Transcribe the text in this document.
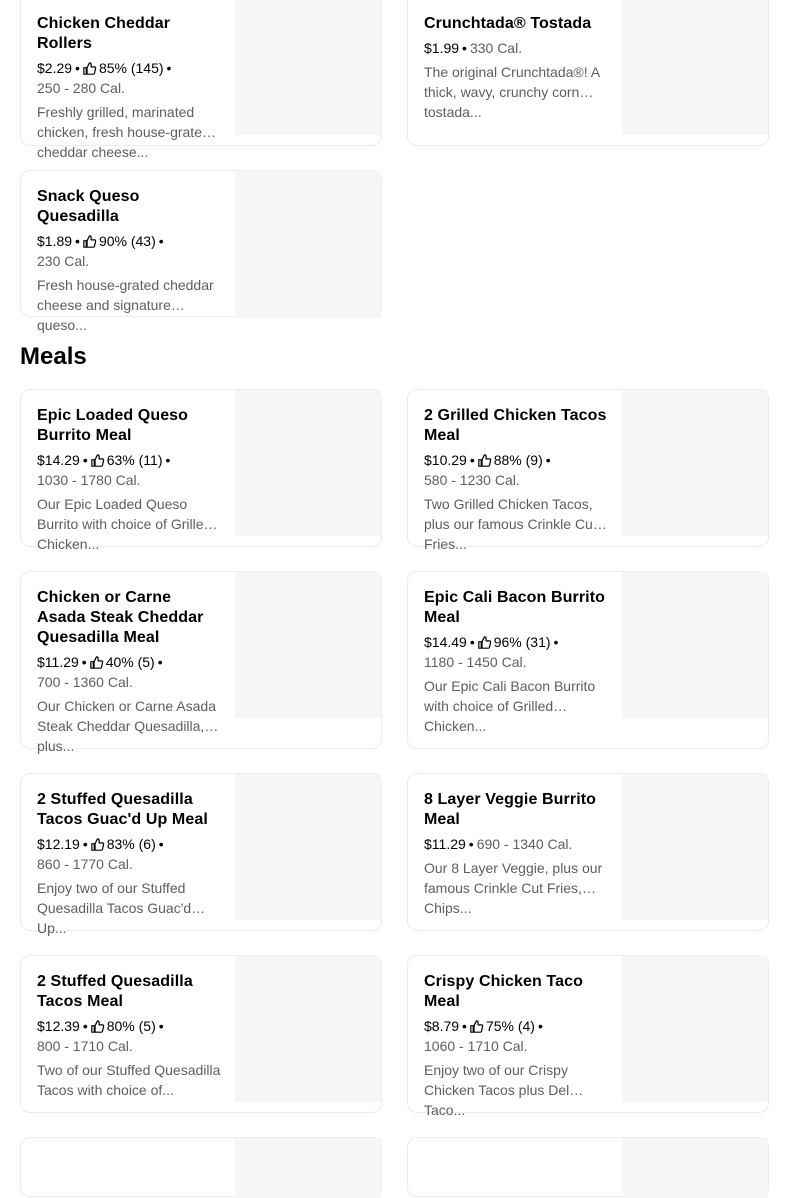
Meals
Chicken Cheddar Rollers
$2.29 • 85% (145) •
250 - 280 Cal.
Freshly grilled, marinated chicken, fresh house-grated cheddar cheese...
Crunchtada® Tostada
$1.99 • 330 Cal.
The original Crunchtada®! A thick, wavy, crunchy corn tostada...
Snack Queso Quesadilla
$1.89 • 90% (43) •
230 Cal.
Fresh house-grated cheddar cheese and signature queso...
Epic Loaded Queso Burrito Meal
$14.29 • 63% (11) •
1030 - 1780 Cal.
Our Epic Loaded Queso Burrito with choice of Grilled Chicken...
2 Grilled Chicken Tacos Meal
$10.29 • 88% (9) •
580 - 1230 Cal.
Two Grilled Chicken Tacos, plus our famous Crinkle Cut Fries...
Chicken or Carne Asada Steak Cheddar Quesadilla Meal
$11.29 • 40% (5) •
700 - 1360 Cal.
Our Chicken or Carne Asada Steak Cheddar Quesadilla, plus...
Epic Cali Bacon Burrito Meal
$14.49 • 96% (31) •
1180 - 1450 Cal.
Our Epic Cali Bacon Burrito with choice of Grilled Chicken...
2 Stuffed Quesadilla Tacos Guac'd Up Meal
$12.19 • 83% (6) •
860 - 1770 Cal.
Enjoy two of our Stuffed Quesadilla Tacos Guac'd Up...
8 Layer Veggie Burrito Meal
$11.29 • 690 - 1340 Cal.
Our 8 Layer Veggie, plus our famous Crinkle Cut Fries, Chips...
2 Stuffed Quesadilla Tacos Meal
$12.39 • 80% (5) •
800 - 1710 Cal.
Two of our Stuffed Quesadilla Tacos with choice of...
Crispy Chicken Taco Meal
$8.79 • 75% (4) •
1060 - 1710 Cal.
Enjoy two of our Crispy Chicken Tacos plus Del Taco...
